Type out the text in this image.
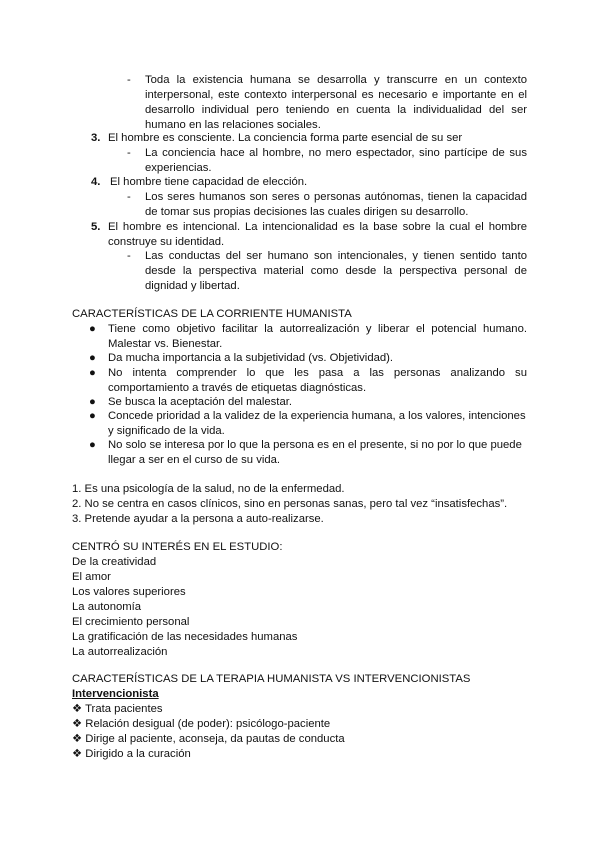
- Toda la existencia humana se desarrolla y transcurre en un contexto interpersonal, este contexto interpersonal es necesario e importante en el desarrollo individual pero teniendo en cuenta la individualidad del ser humano en las relaciones sociales.
3. El hombre es consciente. La conciencia forma parte esencial de su ser
- La conciencia hace al hombre, no mero espectador, sino partícipe de sus experiencias.
4. El hombre tiene capacidad de elección.
- Los seres humanos son seres o personas autónomas, tienen la capacidad de tomar sus propias decisiones las cuales dirigen su desarrollo.
5. El hombre es intencional. La intencionalidad es la base sobre la cual el hombre construye su identidad.
- Las conductas del ser humano son intencionales, y tienen sentido tanto desde la perspectiva material como desde la perspectiva personal de dignidad y libertad.
CARACTERÍSTICAS DE LA CORRIENTE HUMANISTA
● Tiene como objetivo facilitar la autorrealización y liberar el potencial humano. Malestar vs. Bienestar.
● Da mucha importancia a la subjetividad (vs. Objetividad).
● No intenta comprender lo que les pasa a las personas analizando su comportamiento a través de etiquetas diagnósticas.
● Se busca la aceptación del malestar.
● Concede prioridad a la validez de la experiencia humana, a los valores, intenciones y significado de la vida.
● No solo se interesa por lo que la persona es en el presente, si no por lo que puede llegar a ser en el curso de su vida.
1. Es una psicología de la salud, no de la enfermedad.
2. No se centra en casos clínicos, sino en personas sanas, pero tal vez “insatisfechas”.
3. Pretende ayudar a la persona a auto-realizarse.
CENTRÓ SU INTERÉS EN EL ESTUDIO:
De la creatividad
El amor
Los valores superiores
La autonomía
El crecimiento personal
La gratificación de las necesidades humanas
La autorrealización
CARACTERÍSTICAS DE LA TERAPIA HUMANISTA VS INTERVENCIONISTAS
Intervencionista
❖ Trata pacientes
❖ Relación desigual (de poder): psicólogo-paciente
❖ Dirige al paciente, aconseja, da pautas de conducta
❖ Dirigido a la curación
